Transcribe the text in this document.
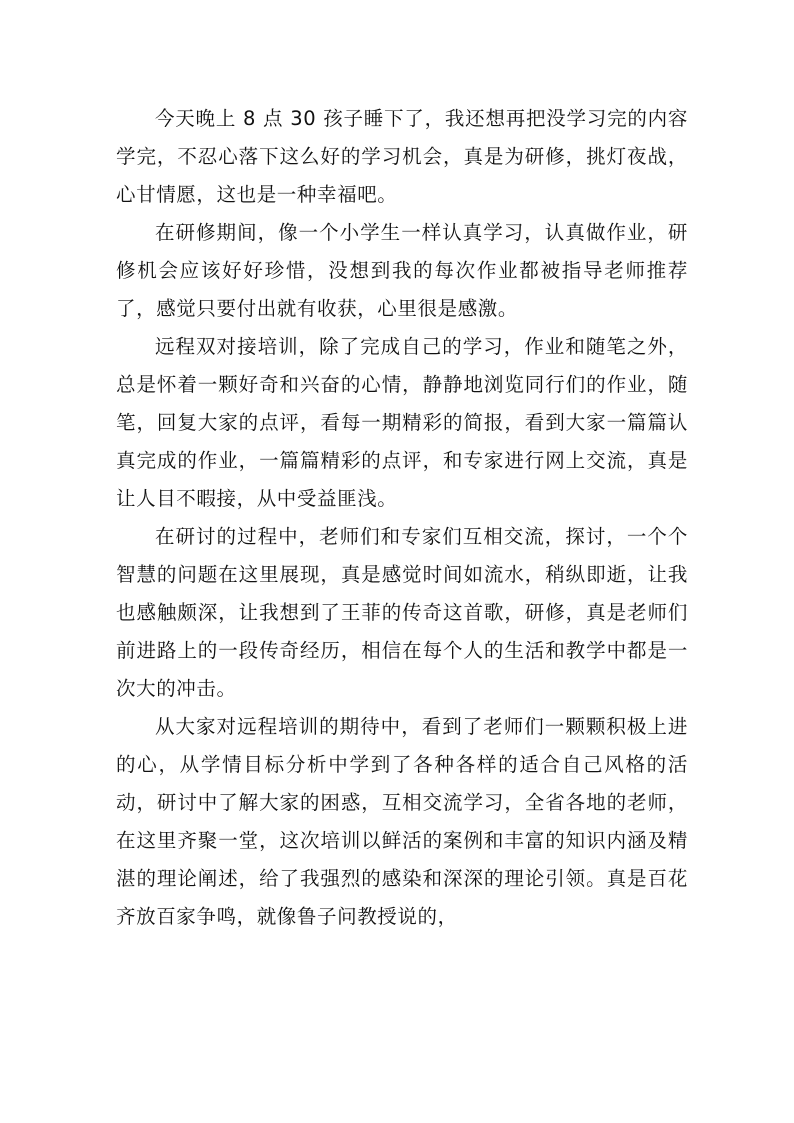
今天晚上 8 点 30 孩子睡下了，我还想再把没学习完的内容学完，不忍心落下这么好的学习机会，真是为研修，挑灯夜战，心甘情愿，这也是一种幸福吧。

在研修期间，像一个小学生一样认真学习，认真做作业，研修机会应该好好珍惜，没想到我的每次作业都被指导老师推荐了，感觉只要付出就有收获，心里很是感激。

远程双对接培训，除了完成自己的学习，作业和随笔之外，总是怀着一颗好奇和兴奋的心情，静静地浏览同行们的作业，随笔，回复大家的点评，看每一期精彩的简报，看到大家一篇篇认真完成的作业，一篇篇精彩的点评，和专家进行网上交流，真是让人目不暇接，从中受益匪浅。

在研讨的过程中，老师们和专家们互相交流，探讨，一个个智慧的问题在这里展现，真是感觉时间如流水，稍纵即逝，让我也感触颇深，让我想到了王菲的传奇这首歌，研修，真是老师们前进路上的一段传奇经历，相信在每个人的生活和教学中都是一次大的冲击。

从大家对远程培训的期待中，看到了老师们一颗颗积极上进的心，从学情目标分析中学到了各种各样的适合自己风格的活动，研讨中了解大家的困惑，互相交流学习，全省各地的老师，在这里齐聚一堂，这次培训以鲜活的案例和丰富的知识内涵及精湛的理论阐述，给了我强烈的感染和深深的理论引领。真是百花齐放百家争鸣，就像鲁子问教授说的，
